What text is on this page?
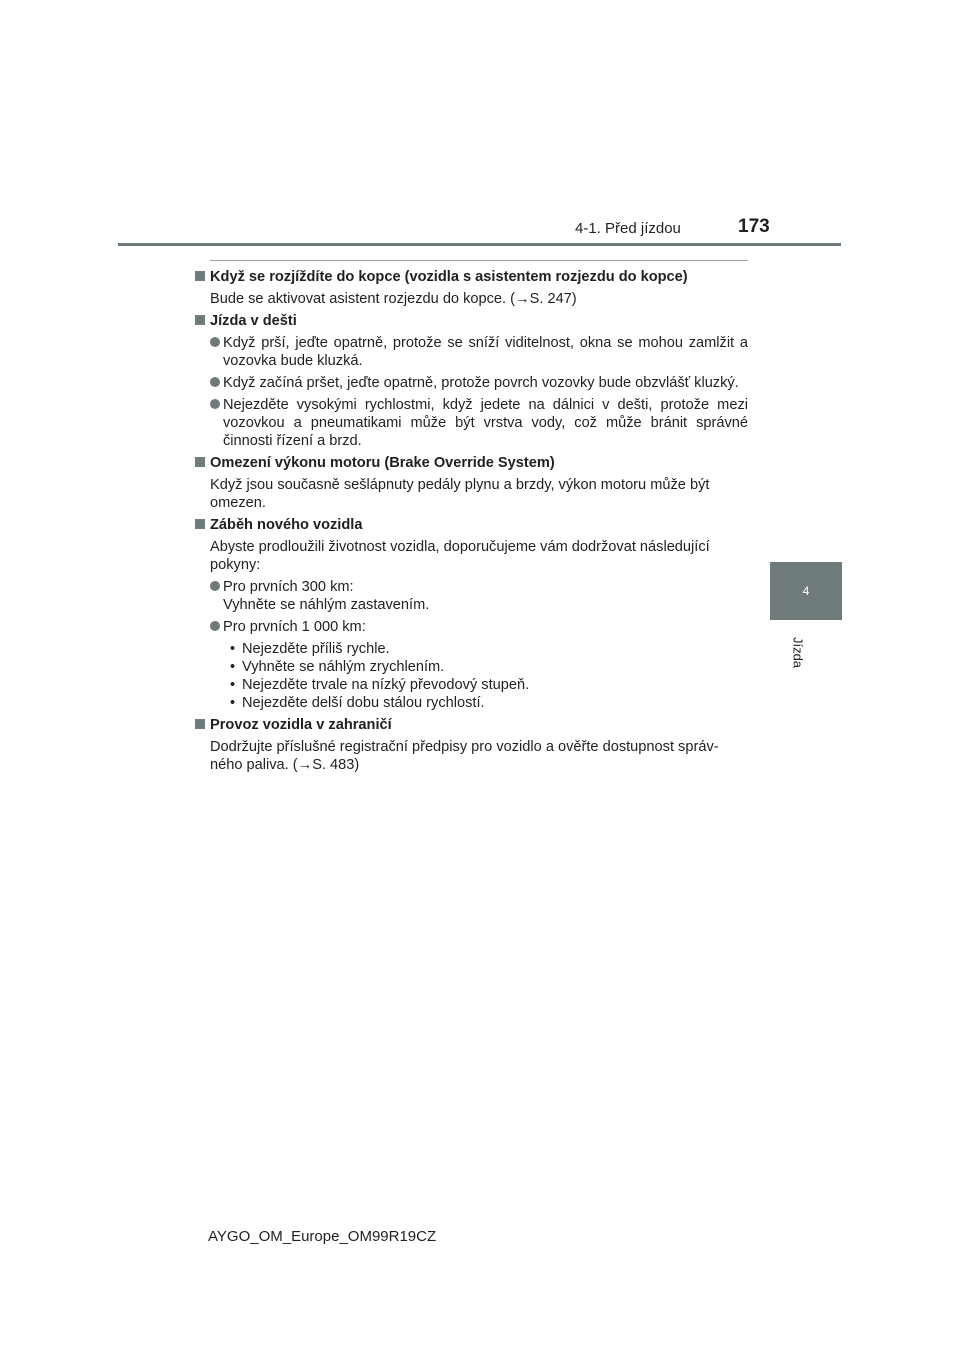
4-1. Před jízdou	173
4
Jízda
Když se rozjíždíte do kopce (vozidla s asistentem rozjezdu do kopce)
Bude se aktivovat asistent rozjezdu do kopce. (→S. 247)
Jízda v dešti
Když prší, jeďte opatrně, protože se sníží viditelnost, okna se mohou zamlžit a vozovka bude kluzká.
Když začíná pršet, jeďte opatrně, protože povrch vozovky bude obzvlášť kluzký.
Nejezděte vysokými rychlostmi, když jedete na dálnici v dešti, protože mezi vozovkou a pneumatikami může být vrstva vody, což může bránit správné činnosti řízení a brzd.
Omezení výkonu motoru (Brake Override System)
Když jsou současně sešlápnuty pedály plynu a brzdy, výkon motoru může být omezen.
Záběh nového vozidla
Abyste prodloužili životnost vozidla, doporučujeme vám dodržovat následující pokyny:
Pro prvních 300 km:
Vyhněte se náhlým zastavením.
Pro prvních 1 000 km:
• Nejezděte příliš rychle.
• Vyhněte se náhlým zrychlením.
• Nejezděte trvale na nízký převodový stupeň.
• Nejezděte delší dobu stálou rychlostí.
Provoz vozidla v zahraničí
Dodržujte příslušné registrační předpisy pro vozidlo a ověřte dostupnost správ-ného paliva. (→S. 483)
AYGO_OM_Europe_OM99R19CZ
